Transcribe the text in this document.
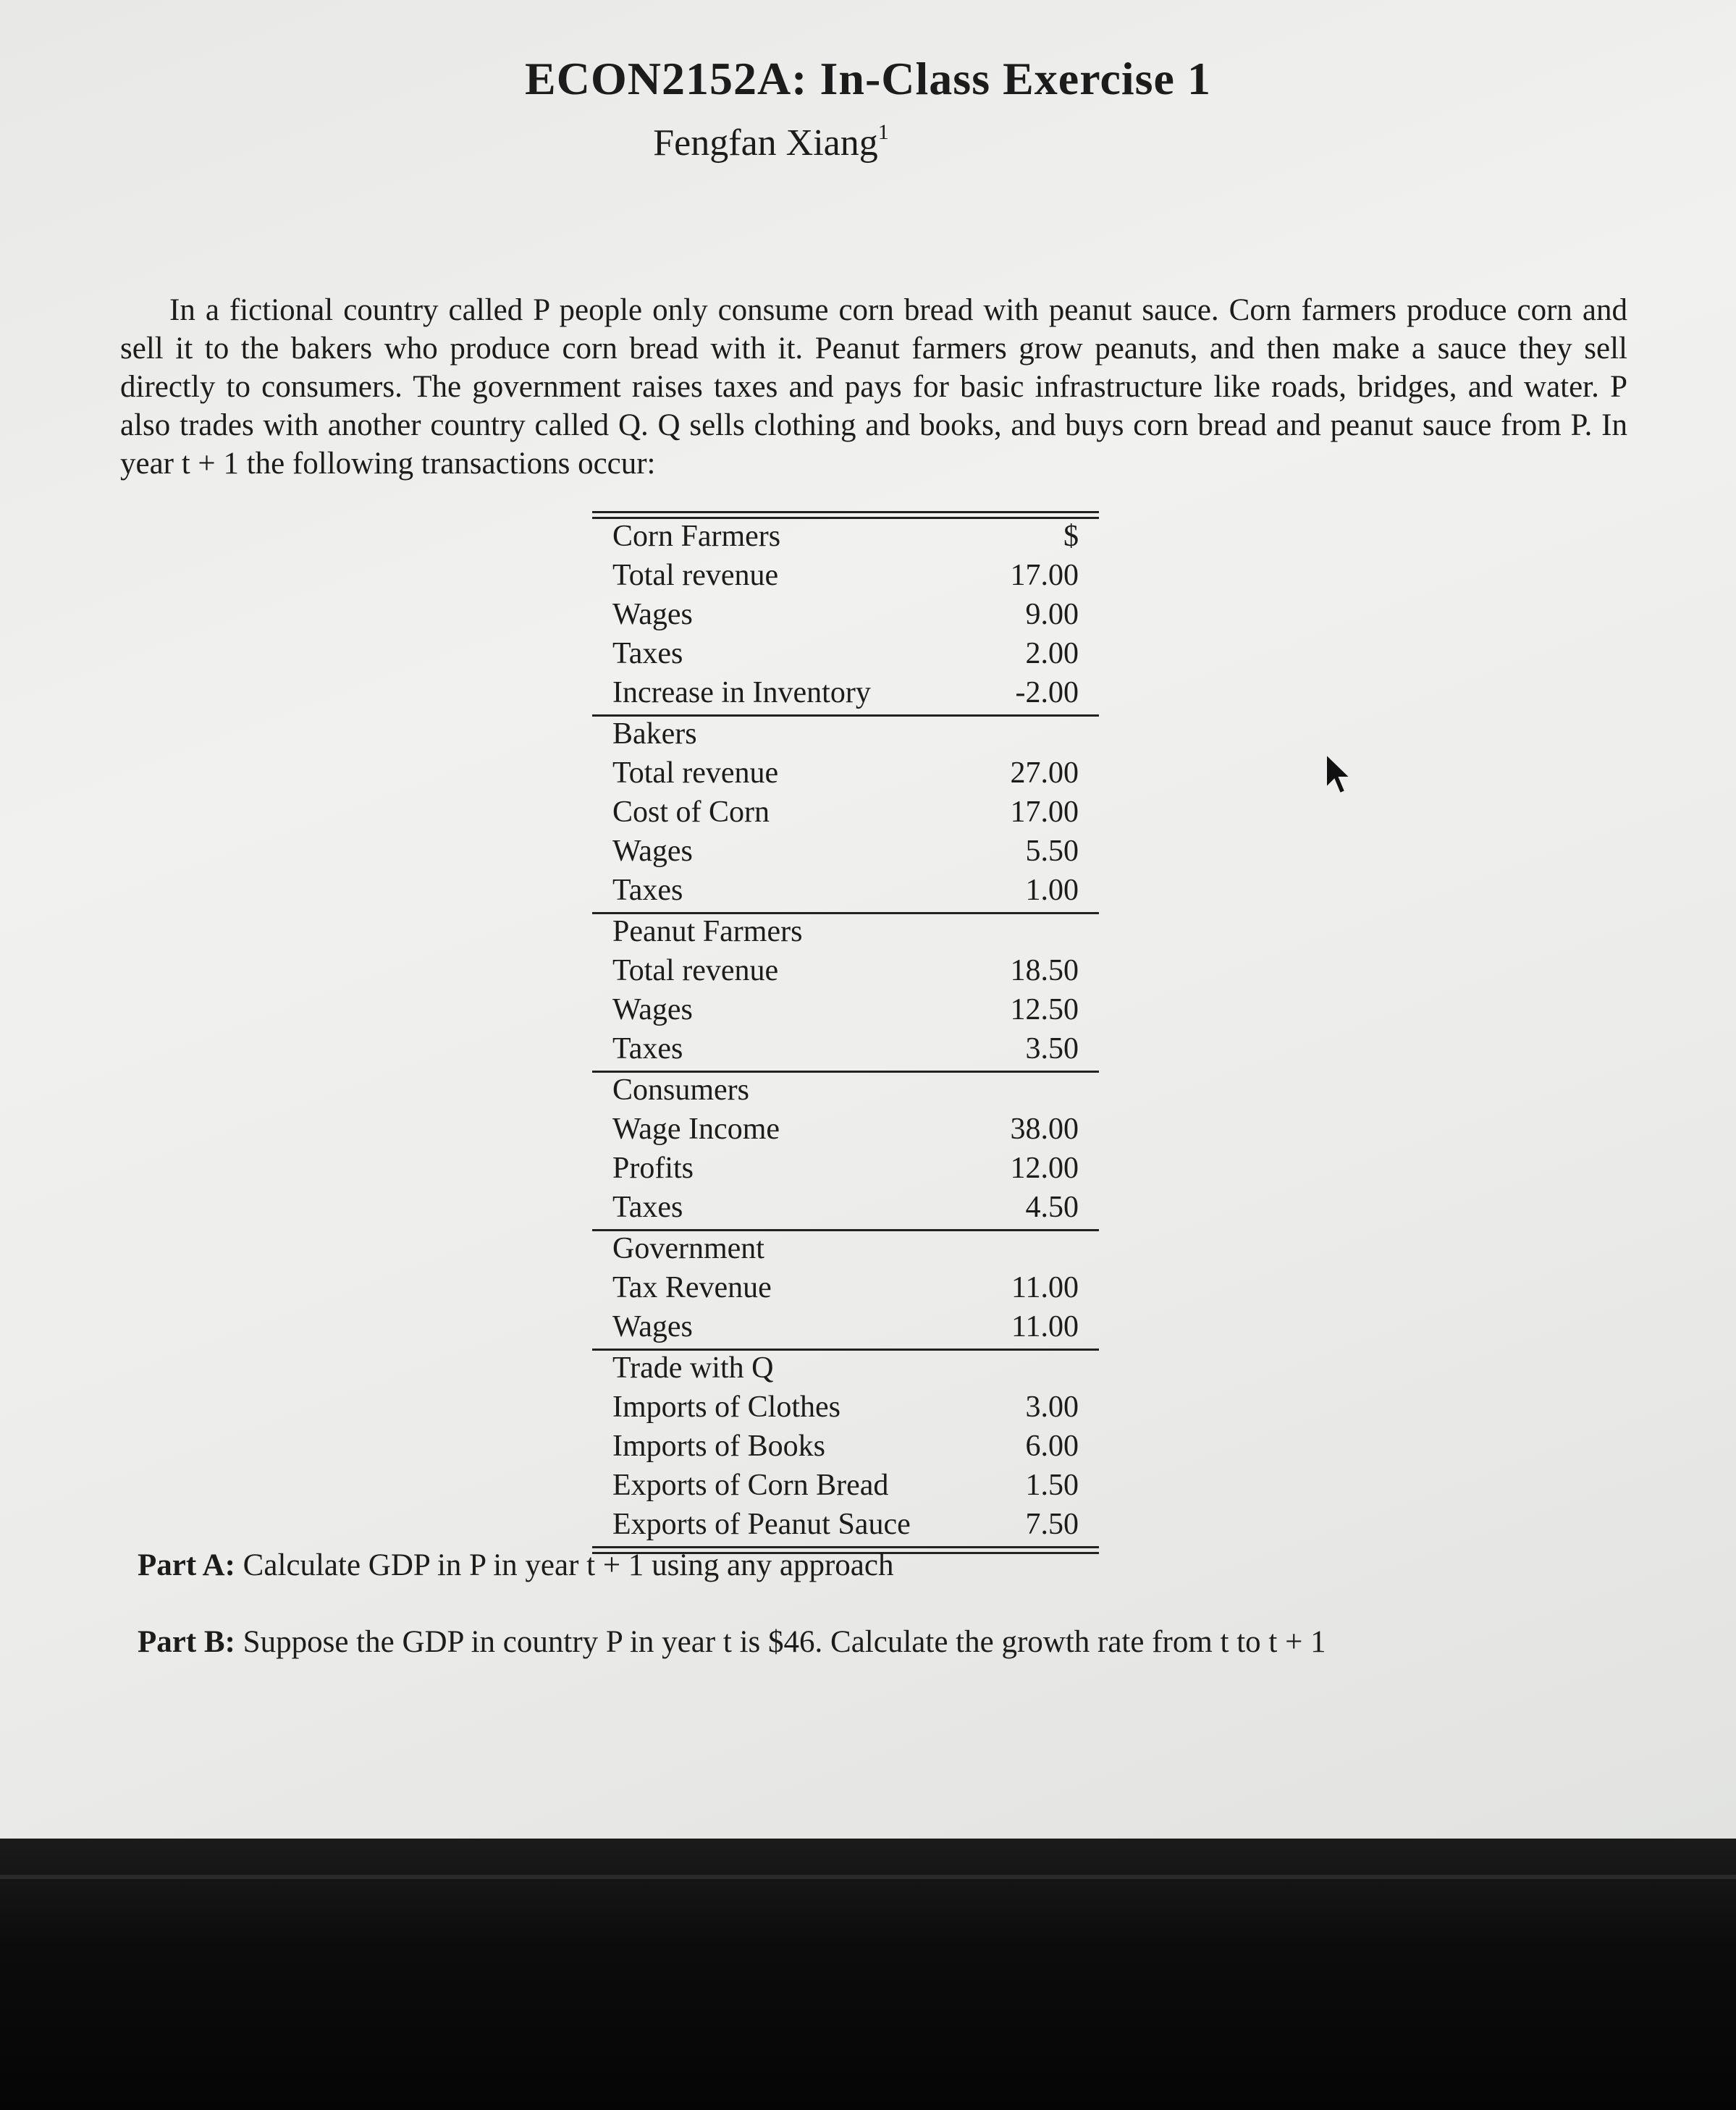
ECON2152A: In-Class Exercise 1
Fengfan Xiang$^1$
In a fictional country called P people only consume corn bread with peanut sauce. Corn farmers produce corn and sell it to the bakers who produce corn bread with it. Peanut farmers grow peanuts, and then make a sauce they sell directly to consumers. The government raises taxes and pays for basic infrastructure like roads, bridges, and water. P also trades with another country called Q. Q sells clothing and books, and buys corn bread and peanut sauce from P. In year t + 1 the following transactions occur:
Corn Farmers	$
Total revenue	17.00
Wages	9.00
Taxes	2.00
Increase in Inventory	-2.00
Bakers
Total revenue	27.00
Cost of Corn	17.00
Wages	5.50
Taxes	1.00
Peanut Farmers
Total revenue	18.50
Wages	12.50
Taxes	3.50
Consumers
Wage Income	38.00
Profits	12.00
Taxes	4.50
Government
Tax Revenue	11.00
Wages	11.00
Trade with Q
Imports of Clothes	3.00
Imports of Books	6.00
Exports of Corn Bread	1.50
Exports of Peanut Sauce	7.50
Part A: Calculate GDP in P in year t + 1 using any approach
Part B: Suppose the GDP in country P in year t is $46. Calculate the growth rate from t to t + 1
